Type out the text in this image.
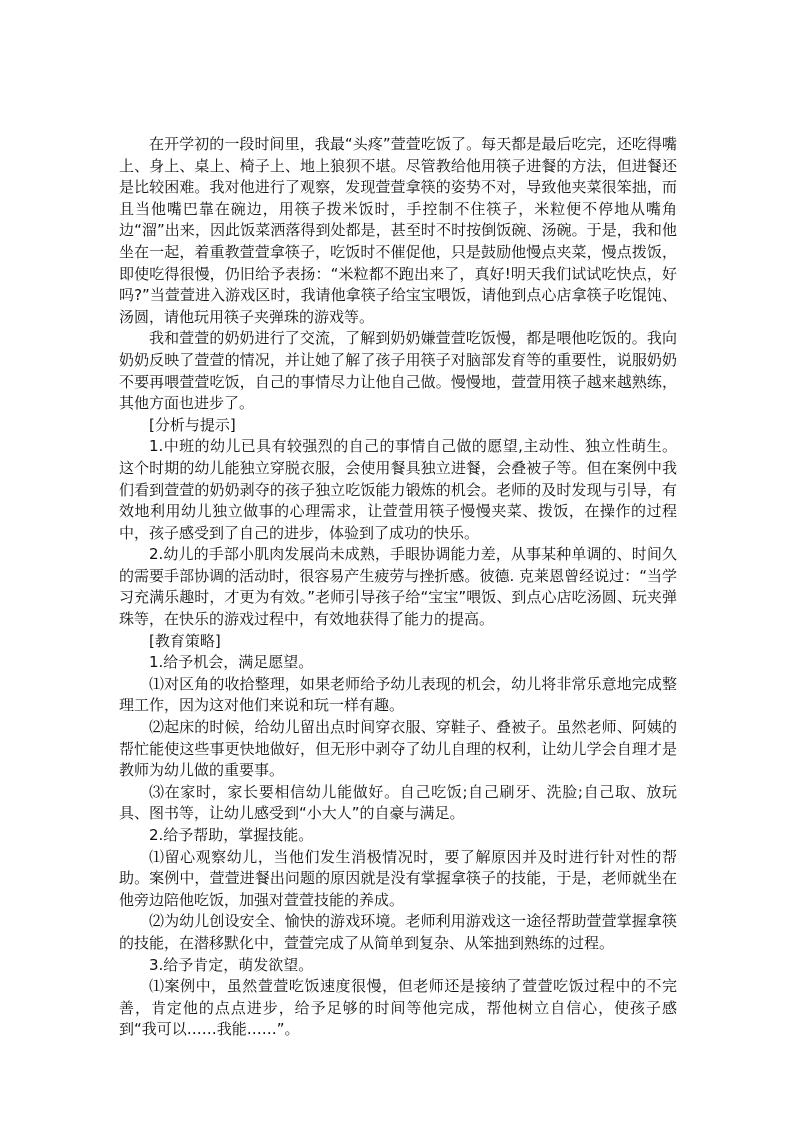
在开学初的一段时间里，我最“头疼”萱萱吃饭了。每天都是最后吃完，还吃得嘴上、身上、桌上、椅子上、地上狼狈不堪。尽管教给他用筷子进餐的方法，但进餐还是比较困难。我对他进行了观察，发现萱萱拿筷的姿势不对，导致他夹菜很笨拙，而且当他嘴巴靠在碗边，用筷子拨米饭时，手控制不住筷子，米粒便不停地从嘴角边“溜”出来，因此饭菜洒落得到处都是，甚至时不时按倒饭碗、汤碗。于是，我和他坐在一起，着重教萱萱拿筷子，吃饭时不催促他，只是鼓励他慢点夹菜，慢点拨饭，即使吃得很慢，仍旧给予表扬：“米粒都不跑出来了，真好!明天我们试试吃快点，好吗?”当萱萱进入游戏区时，我请他拿筷子给宝宝喂饭，请他到点心店拿筷子吃馄饨、汤圆，请他玩用筷子夹弹珠的游戏等。

我和萱萱的奶奶进行了交流，了解到奶奶嫌萱萱吃饭慢，都是喂他吃饭的。我向奶奶反映了萱萱的情况，并让她了解了孩子用筷子对脑部发育等的重要性，说服奶奶不要再喂萱萱吃饭，自己的事情尽力让他自己做。慢慢地，萱萱用筷子越来越熟练，其他方面也进步了。

[分析与提示]

1.中班的幼儿已具有较强烈的自己的事情自己做的愿望,主动性、独立性萌生。这个时期的幼儿能独立穿脱衣服，会使用餐具独立进餐，会叠被子等。但在案例中我们看到萱萱的奶奶剥夺的孩子独立吃饭能力锻炼的机会。老师的及时发现与引导，有效地利用幼儿独立做事的心理需求，让萱萱用筷子慢慢夹菜、拨饭，在操作的过程中，孩子感受到了自己的进步，体验到了成功的快乐。

2.幼儿的手部小肌肉发展尚未成熟，手眼协调能力差，从事某种单调的、时间久的需要手部协调的活动时，很容易产生疲劳与挫折感。彼德. 克莱恩曾经说过：“当学习充满乐趣时，才更为有效。”老师引导孩子给“宝宝”喂饭、到点心店吃汤圆、玩夹弹珠等，在快乐的游戏过程中，有效地获得了能力的提高。

[教育策略]

1.给予机会，满足愿望。

⑴对区角的收拾整理，如果老师给予幼儿表现的机会，幼儿将非常乐意地完成整理工作，因为这对他们来说和玩一样有趣。

⑵起床的时候，给幼儿留出点时间穿衣服、穿鞋子、叠被子。虽然老师、阿姨的帮忙能使这些事更快地做好，但无形中剥夺了幼儿自理的权利，让幼儿学会自理才是教师为幼儿做的重要事。

⑶在家时，家长要相信幼儿能做好。自己吃饭;自己刷牙、洗脸;自己取、放玩具、图书等，让幼儿感受到“小大人”的自豪与满足。

2.给予帮助，掌握技能。

⑴留心观察幼儿，当他们发生消极情况时，要了解原因并及时进行针对性的帮助。案例中，萱萱进餐出问题的原因就是没有掌握拿筷子的技能，于是，老师就坐在他旁边陪他吃饭，加强对萱萱技能的养成。

⑵为幼儿创设安全、愉快的游戏环境。老师利用游戏这一途径帮助萱萱掌握拿筷的技能，在潜移默化中，萱萱完成了从简单到复杂、从笨拙到熟练的过程。

3.给予肯定，萌发欲望。

⑴案例中，虽然萱萱吃饭速度很慢，但老师还是接纳了萱萱吃饭过程中的不完善，肯定他的点点进步，给予足够的时间等他完成，帮他树立自信心，使孩子感到“我可以……我能……”。
